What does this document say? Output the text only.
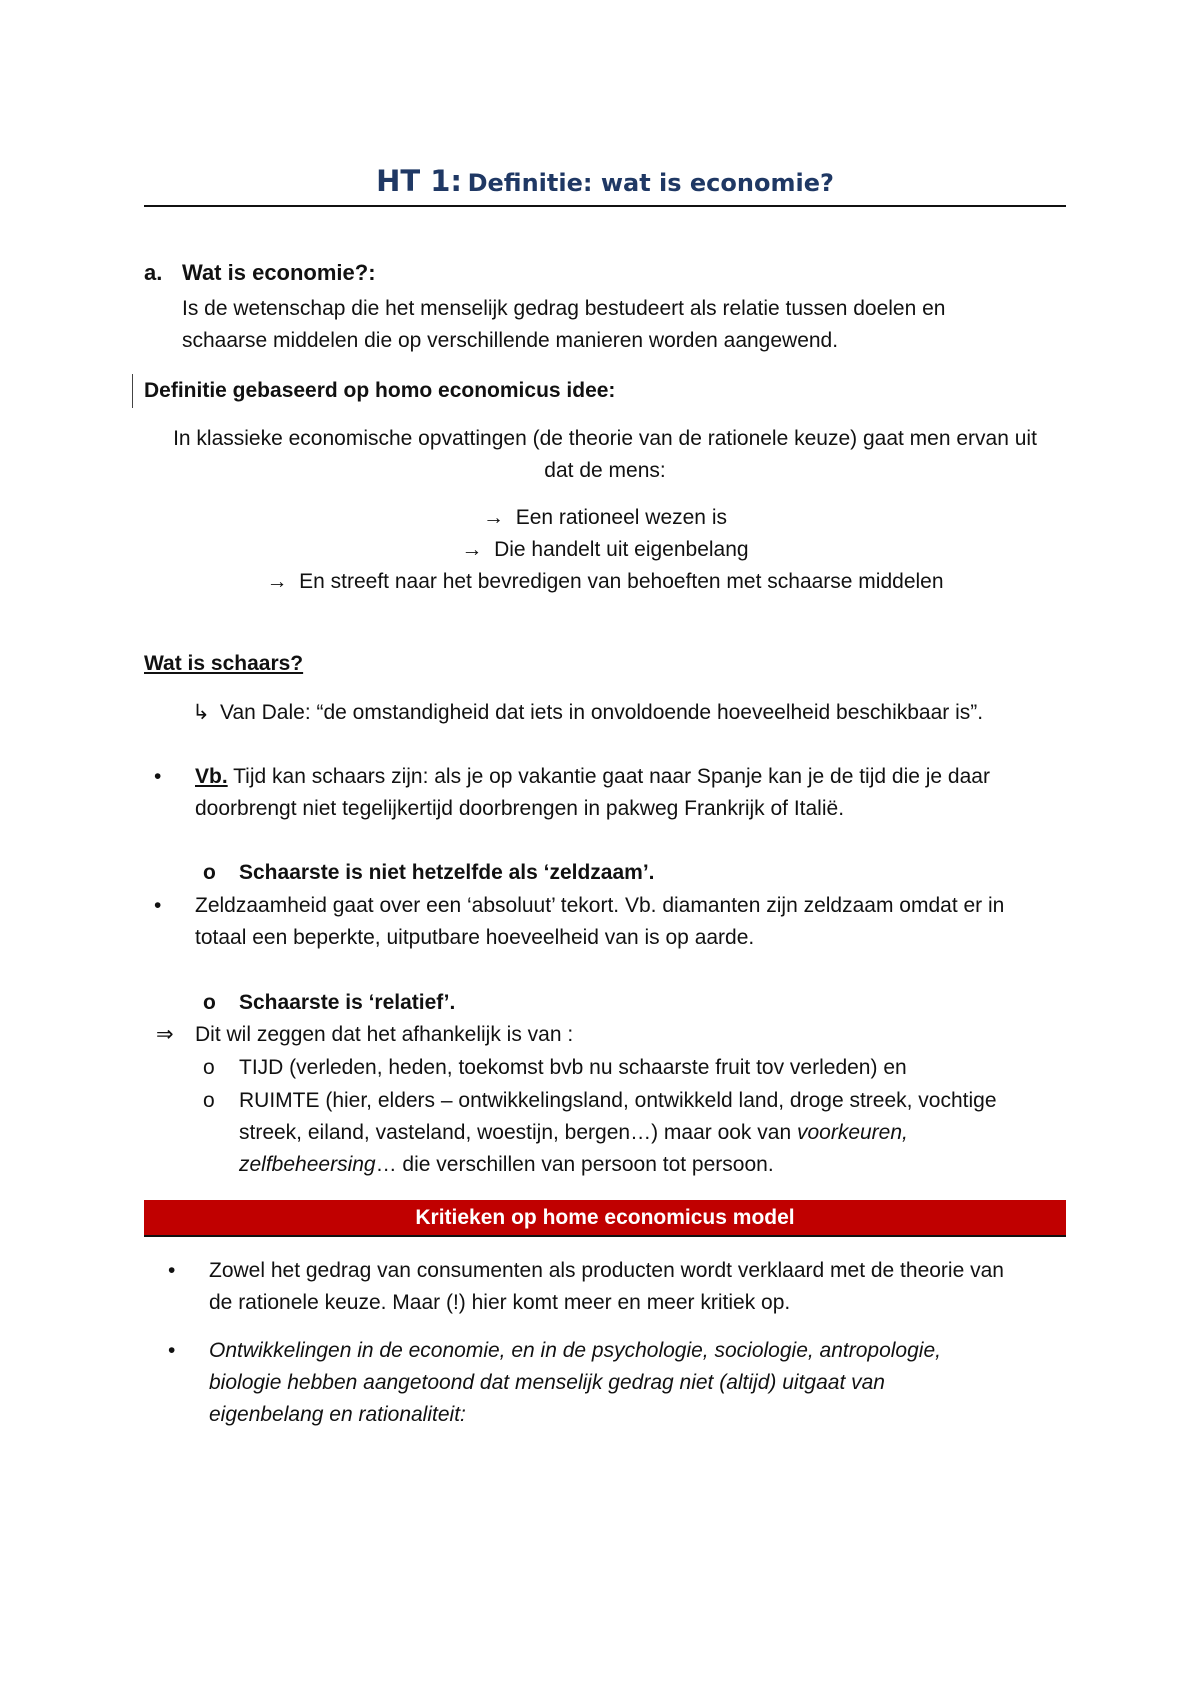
HT 1: Definitie: wat is economie?
a. Wat is economie?:
Is de wetenschap die het menselijk gedrag bestudeert als relatie tussen doelen en
schaarse middelen die op verschillende manieren worden aangewend.
Definitie gebaseerd op homo economicus idee:
In klassieke economische opvattingen (de theorie van de rationele keuze) gaat men ervan uit
dat de mens:
→ Een rationeel wezen is
→ Die handelt uit eigenbelang
→ En streeft naar het bevredigen van behoeften met schaarse middelen
Wat is schaars?
↳ Van Dale: “de omstandigheid dat iets in onvoldoende hoeveelheid beschikbaar is”.
• Vb. Tijd kan schaars zijn: als je op vakantie gaat naar Spanje kan je de tijd die je daar
doorbrengt niet tegelijkertijd doorbrengen in pakweg Frankrijk of Italië.
o Schaarste is niet hetzelfde als ‘zeldzaam’.
• Zeldzaamheid gaat over een ‘absoluut’ tekort. Vb. diamanten zijn zeldzaam omdat er in
totaal een beperkte, uitputbare hoeveelheid van is op aarde.
o Schaarste is ‘relatief’.
⇒ Dit wil zeggen dat het afhankelijk is van :
o TIJD (verleden, heden, toekomst bvb nu schaarste fruit tov verleden) en
o RUIMTE (hier, elders – ontwikkelingsland, ontwikkeld land, droge streek, vochtige
streek, eiland, vasteland, woestijn, bergen…) maar ook van voorkeuren,
zelfbeheersing… die verschillen van persoon tot persoon.
Kritieken op home economicus model
• Zowel het gedrag van consumenten als producten wordt verklaard met de theorie van
de rationele keuze. Maar (!) hier komt meer en meer kritiek op.
• Ontwikkelingen in de economie, en in de psychologie, sociologie, antropologie,
biologie hebben aangetoond dat menselijk gedrag niet (altijd) uitgaat van
eigenbelang en rationaliteit:
